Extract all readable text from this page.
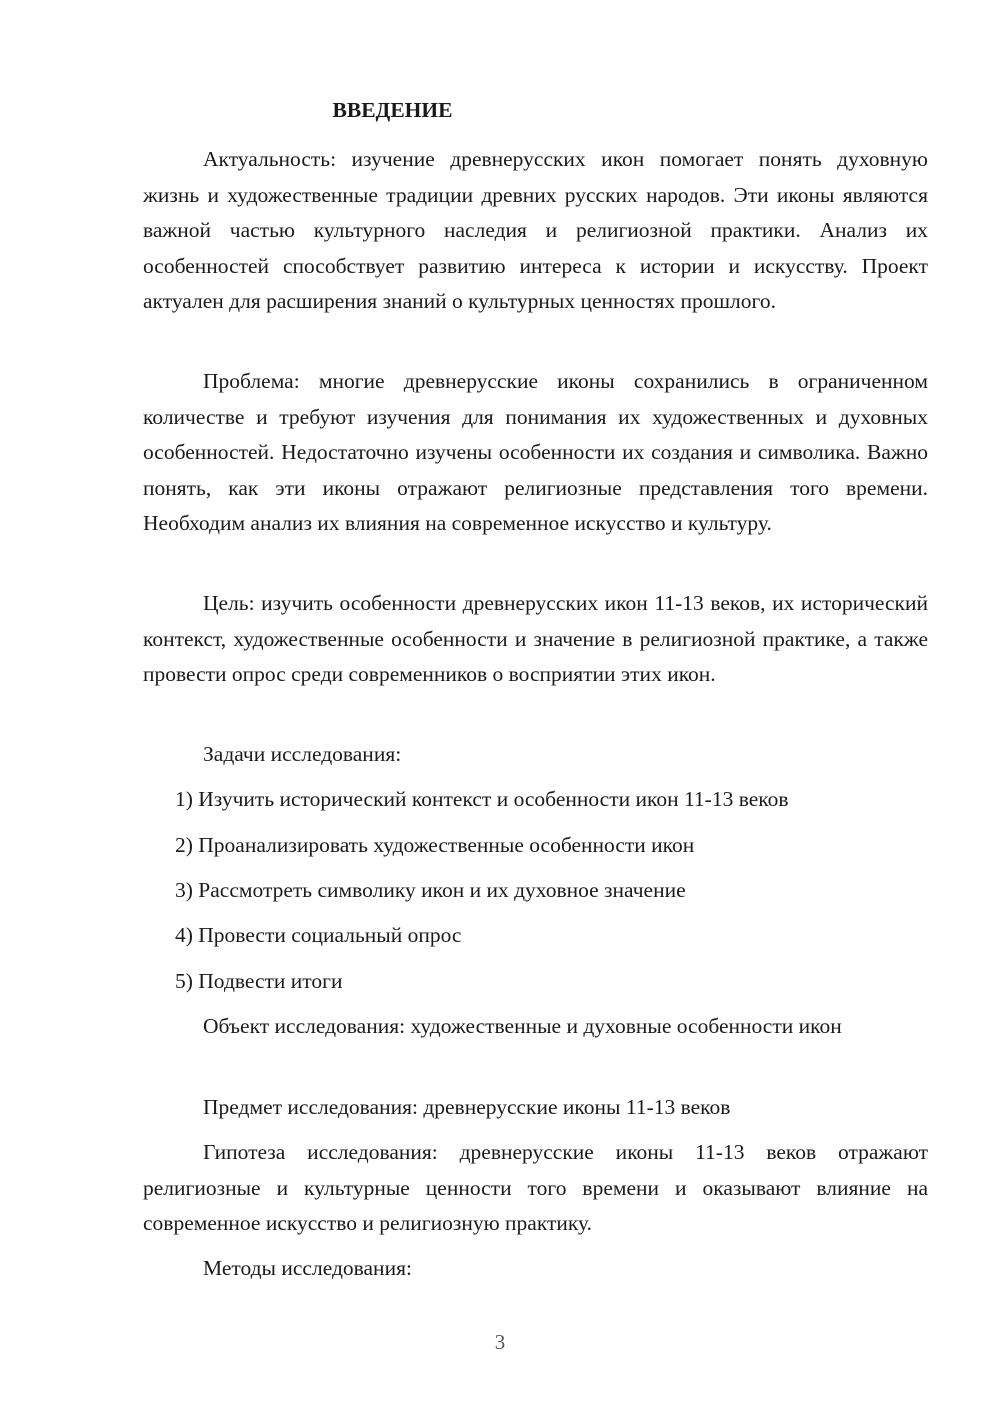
ВВЕДЕНИЕ

Актуальность: изучение древнерусских икон помогает понять духовную жизнь и художественные традиции древних русских народов. Эти иконы являются важной частью культурного наследия и религиозной практики. Анализ их особенностей способствует развитию интереса к истории и искусству. Проект актуален для расширения знаний о культурных ценностях прошлого.

Проблема: многие древнерусские иконы сохранились в ограниченном количестве и требуют изучения для понимания их художественных и духовных особенностей. Недостаточно изучены особенности их создания и символика. Важно понять, как эти иконы отражают религиозные представления того времени. Необходим анализ их влияния на современное искусство и культуру.

Цель: изучить особенности древнерусских икон 11-13 веков, их исторический контекст, художественные особенности и значение в религиозной практике, а также провести опрос среди современников о восприятии этих икон.

Задачи исследования:

1) Изучить исторический контекст и особенности икон 11-13 веков

2) Проанализировать художественные особенности икон

3) Рассмотреть символику икон и их духовное значение

4) Провести социальный опрос

5) Подвести итоги

Объект исследования: художественные и духовные особенности икон

Предмет исследования: древнерусские иконы 11-13 веков

Гипотеза исследования: древнерусские иконы 11-13 веков отражают религиозные и культурные ценности того времени и оказывают влияние на современное искусство и религиозную практику.

Методы исследования:

3
